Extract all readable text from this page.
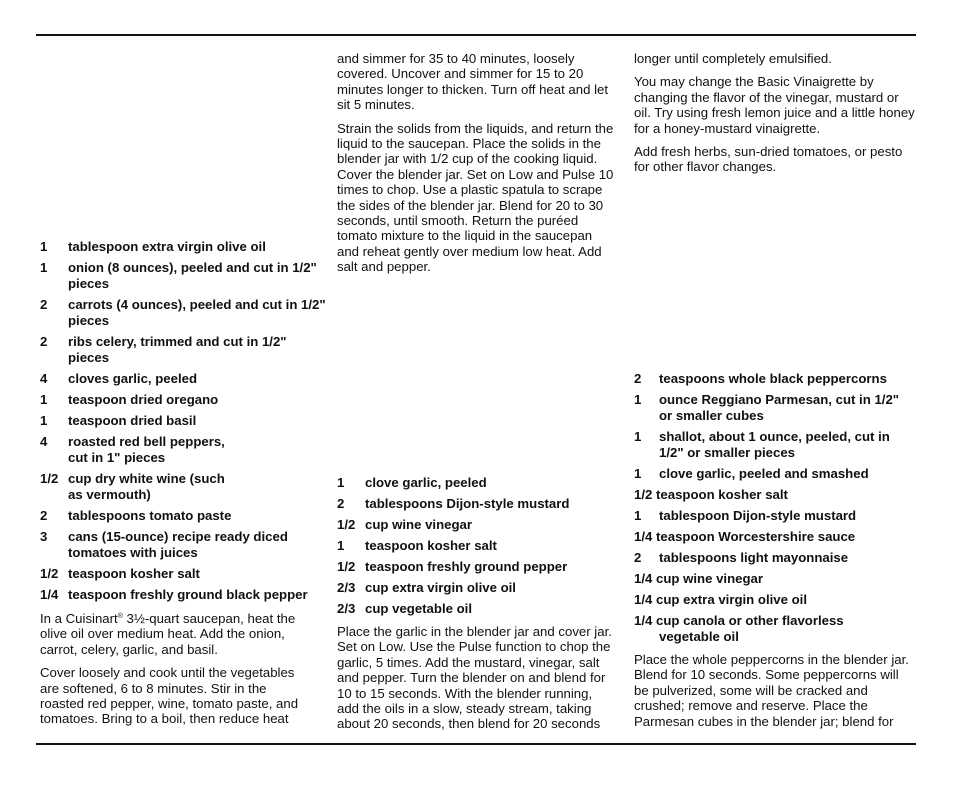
1 tablespoon extra virgin olive oil
1 onion (8 ounces), peeled and cut in 1/2" pieces
2 carrots (4 ounces), peeled and cut in 1/2" pieces
2 ribs celery, trimmed and cut in 1/2" pieces
4 cloves garlic, peeled
1 teaspoon dried oregano
1 teaspoon dried basil
4 roasted red bell peppers, cut in 1" pieces
1/2 cup dry white wine (such as vermouth)
2 tablespoons tomato paste
3 cans (15-ounce) recipe ready diced tomatoes with juices
1/2 teaspoon kosher salt
1/4 teaspoon freshly ground black pepper

In a Cuisinart® 3½-quart saucepan, heat the olive oil over medium heat. Add the onion, carrot, celery, garlic, and basil.

Cover loosely and cook until the vegetables are softened, 6 to 8 minutes. Stir in the roasted red pepper, wine, tomato paste, and tomatoes. Bring to a boil, then reduce heat

and simmer for 35 to 40 minutes, loosely covered. Uncover and simmer for 15 to 20 minutes longer to thicken. Turn off heat and let sit 5 minutes.

Strain the solids from the liquids, and return the liquid to the saucepan. Place the solids in the blender jar with 1/2 cup of the cooking liquid. Cover the blender jar. Set on Low and Pulse 10 times to chop. Use a plastic spatula to scrape the sides of the blender jar. Blend for 20 to 30 seconds, until smooth. Return the puréed tomato mixture to the liquid in the saucepan and reheat gently over medium low heat. Add salt and pepper.

1 clove garlic, peeled
2 tablespoons Dijon-style mustard
1/2 cup wine vinegar
1 teaspoon kosher salt
1/2 teaspoon freshly ground pepper
2/3 cup extra virgin olive oil
2/3 cup vegetable oil

Place the garlic in the blender jar and cover jar. Set on Low. Use the Pulse function to chop the garlic, 5 times. Add the mustard, vinegar, salt and pepper. Turn the blender on and blend for 10 to 15 seconds. With the blender running, add the oils in a slow, steady stream, taking about 20 seconds, then blend for 20 seconds

longer until completely emulsified.

You may change the Basic Vinaigrette by changing the flavor of the vinegar, mustard or oil. Try using fresh lemon juice and a little honey for a honey-mustard vinaigrette.

Add fresh herbs, sun-dried tomatoes, or pesto for other flavor changes.

2 teaspoons whole black peppercorns
1 ounce Reggiano Parmesan, cut in 1/2" or smaller cubes
1 shallot, about 1 ounce, peeled, cut in 1/2" or smaller pieces
1 clove garlic, peeled and smashed
1/2 teaspoon kosher salt
1 tablespoon Dijon-style mustard
1/4 teaspoon Worcestershire sauce
2 tablespoons light mayonnaise
1/4 cup wine vinegar
1/4 cup extra virgin olive oil
1/4 cup canola or other flavorless vegetable oil

Place the whole peppercorns in the blender jar. Blend for 10 seconds. Some peppercorns will be pulverized, some will be cracked and crushed; remove and reserve. Place the Parmesan cubes in the blender jar; blend for
